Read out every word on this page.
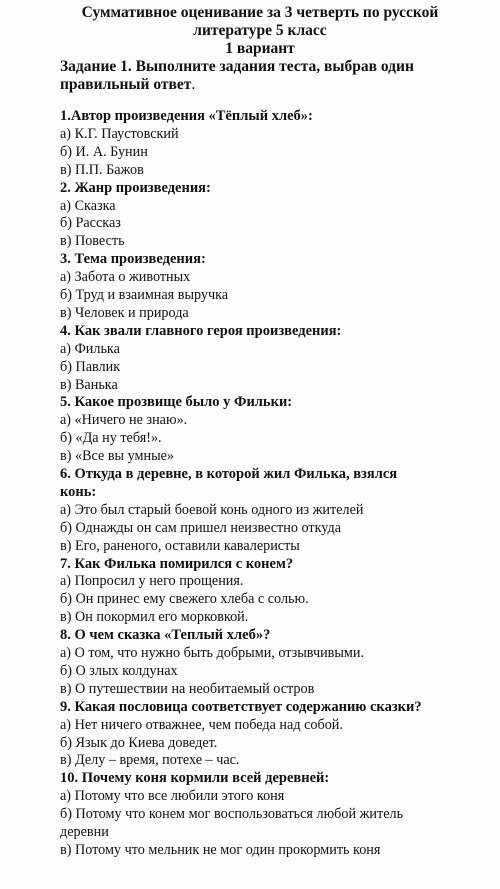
Суммативное оценивание за 3 четверть по русской
литературе 5 класс
1 вариант
Задание 1. Выполните задания теста, выбрав один
правильный ответ.
1.Автор произведения «Тёплый хлеб»:
а) К.Г. Паустовский
б) И. А. Бунин
в) П.П. Бажов
2. Жанр произведения:
а) Сказка
б) Рассказ
в) Повесть
3. Тема произведения:
а) Забота о животных
б) Труд и взаимная выручка
в) Человек и природа
4. Как звали главного героя произведения:
а) Филька
б) Павлик
в) Ванька
5. Какое прозвище было у Фильки:
а) «Ничего не знаю».
б) «Да ну тебя!».
в) «Все вы умные»
6. Откуда в деревне, в которой жил Филька, взялся
конь:
а) Это был старый боевой конь одного из жителей
б) Однажды он сам пришел неизвестно откуда
в) Его, раненого, оставили кавалеристы
7. Как Филька помирился с конем?
а) Попросил у него прощения.
б) Он принес ему свежего хлеба с солью.
в) Он покормил его морковкой.
8. О чем сказка «Теплый хлеб»?
а) О том, что нужно быть добрыми, отзывчивыми.
б) О злых колдунах
в) О путешествии на необитаемый остров
9. Какая пословица соответствует содержанию сказки?
а) Нет ничего отважнее, чем победа над собой.
б) Язык до Киева доведет.
в) Делу – время, потехе – час.
10. Почему коня кормили всей деревней:
а) Потому что все любили этого коня
б) Потому что конем мог воспользоваться любой житель
деревни
в) Потому что мельник не мог один прокормить коня
